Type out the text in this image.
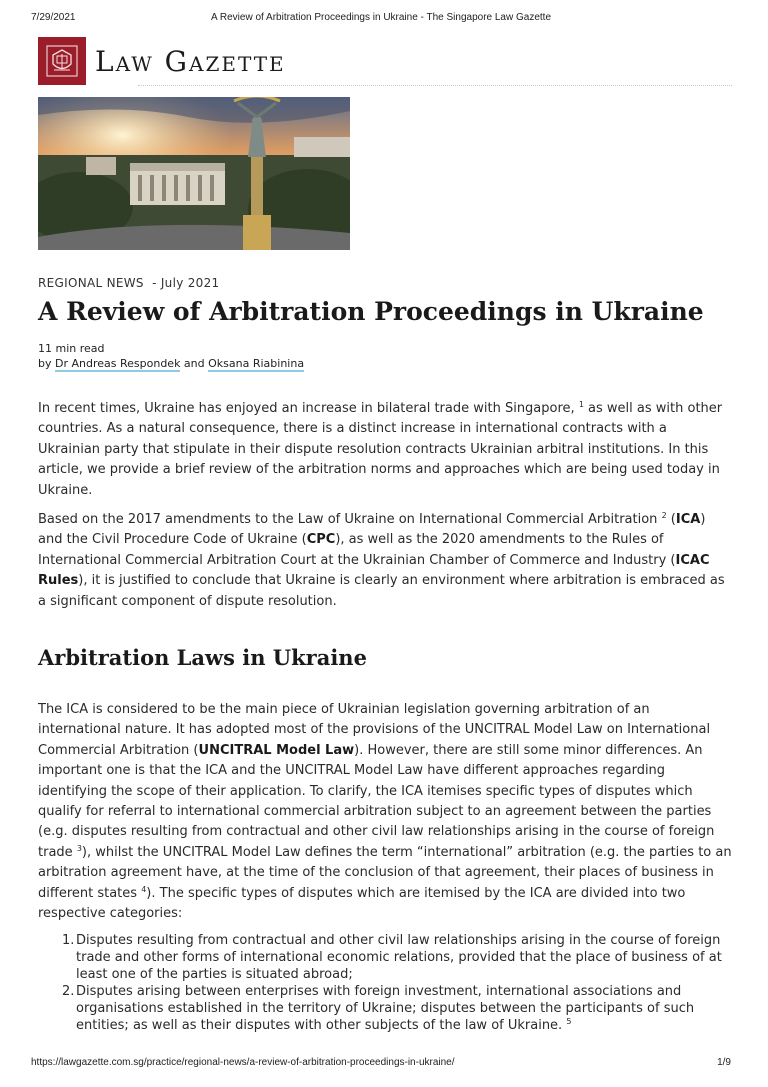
7/29/2021	A Review of Arbitration Proceedings in Ukraine - The Singapore Law Gazette
Law Gazette
REGIONAL NEWS - July 2021
A Review of Arbitration Proceedings in Ukraine
11 min read
by Dr Andreas Respondek and Oksana Riabinina

In recent times, Ukraine has enjoyed an increase in bilateral trade with Singapore, $^1$ as well as with other countries. As a natural consequence, there is a distinct increase in international contracts with a Ukrainian party that stipulate in their dispute resolution contracts Ukrainian arbitral institutions. In this article, we provide a brief review of the arbitration norms and approaches which are being used today in Ukraine.

Based on the 2017 amendments to the Law of Ukraine on International Commercial Arbitration $^2$ (ICA) and the Civil Procedure Code of Ukraine (CPC), as well as the 2020 amendments to the Rules of International Commercial Arbitration Court at the Ukrainian Chamber of Commerce and Industry (ICAC Rules), it is justified to conclude that Ukraine is clearly an environment where arbitration is embraced as a significant component of dispute resolution.

Arbitration Laws in Ukraine

The ICA is considered to be the main piece of Ukrainian legislation governing arbitration of an international nature. It has adopted most of the provisions of the UNCITRAL Model Law on International Commercial Arbitration (UNCITRAL Model Law). However, there are still some minor differences. An important one is that the ICA and the UNCITRAL Model Law have different approaches regarding identifying the scope of their application. To clarify, the ICA itemises specific types of disputes which qualify for referral to international commercial arbitration subject to an agreement between the parties (e.g. disputes resulting from contractual and other civil law relationships arising in the course of foreign trade $^3$), whilst the UNCITRAL Model Law defines the term “international” arbitration (e.g. the parties to an arbitration agreement have, at the time of the conclusion of that agreement, their places of business in different states $^4$). The specific types of disputes which are itemised by the ICA are divided into two respective categories:

1. Disputes resulting from contractual and other civil law relationships arising in the course of foreign trade and other forms of international economic relations, provided that the place of business of at least one of the parties is situated abroad;
2. Disputes arising between enterprises with foreign investment, international associations and organisations established in the territory of Ukraine; disputes between the participants of such entities; as well as their disputes with other subjects of the law of Ukraine. $^5$
https://lawgazette.com.sg/practice/regional-news/a-review-of-arbitration-proceedings-in-ukraine/	1/9
